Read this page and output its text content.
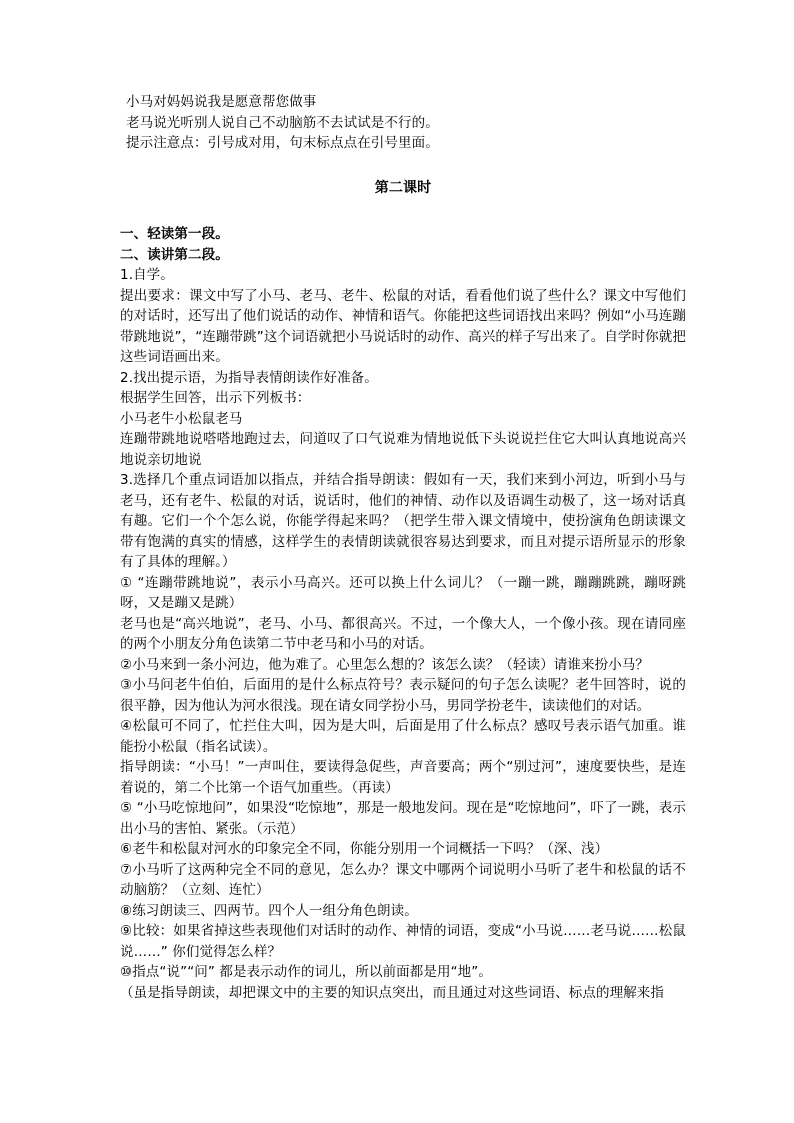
小马对妈妈说我是愿意帮您做事

老马说光听别人说自己不动脑筋不去试试是不行的。

提示注意点：引号成对用，句末标点点在引号里面。

第二课时

一、轻读第一段。

二、读讲第二段。

1.自学。

提出要求：课文中写了小马、老马、老牛、松鼠的对话，看看他们说了些什么？课文中写他们的对话时，还写出了他们说话的动作、神情和语气。你能把这些词语找出来吗？例如“小马连蹦带跳地说”，“连蹦带跳”这个词语就把小马说话时的动作、高兴的样子写出来了。自学时你就把这些词语画出来。

2.找出提示语，为指导表情朗读作好准备。

根据学生回答，出示下列板书：

小马老牛小松鼠老马

连蹦带跳地说嗒嗒地跑过去，问道叹了口气说难为情地说低下头说说拦住它大叫认真地说高兴地说亲切地说

3.选择几个重点词语加以指点，并结合指导朗读：假如有一天，我们来到小河边，听到小马与老马，还有老牛、松鼠的对话，说话时，他们的神情、动作以及语调生动极了，这一场对话真有趣。它们一个个怎么说，你能学得起来吗？（把学生带入课文情境中，使扮演角色朗读课文带有饱满的真实的情感，这样学生的表情朗读就很容易达到要求，而且对提示语所显示的形象有了具体的理解。）

① “连蹦带跳地说”，表示小马高兴。还可以换上什么词儿？（一蹦一跳，蹦蹦跳跳，蹦呀跳呀，又是蹦又是跳）

老马也是“高兴地说”，老马、小马、都很高兴。不过，一个像大人，一个像小孩。现在请同座的两个小朋友分角色读第二节中老马和小马的对话。

②小马来到一条小河边，他为难了。心里怎么想的？该怎么读？（轻读）请谁来扮小马？

③小马问老牛伯伯，后面用的是什么标点符号？表示疑问的句子怎么读呢？老牛回答时，说的很平静，因为他认为河水很浅。现在请女同学扮小马，男同学扮老牛，读读他们的对话。

④松鼠可不同了，忙拦住大叫，因为是大叫，后面是用了什么标点？感叹号表示语气加重。谁能扮小松鼠（指名试读）。

指导朗读：“小马！”一声叫住，要读得急促些，声音要高；两个“别过河”，速度要快些，是连着说的，第二个比第一个语气加重些。（再读）

⑤ “小马吃惊地问”，如果没“吃惊地”，那是一般地发问。现在是“吃惊地问”，吓了一跳，表示出小马的害怕、紧张。（示范）

⑥老牛和松鼠对河水的印象完全不同，你能分别用一个词概括一下吗？（深、浅）

⑦小马听了这两种完全不同的意见，怎么办？课文中哪两个词说明小马听了老牛和松鼠的话不动脑筋？（立刻、连忙）

⑧练习朗读三、四两节。四个人一组分角色朗读。

⑨比较：如果省掉这些表现他们对话时的动作、神情的词语，变成“小马说……老马说……松鼠说……” 你们觉得怎么样？

⑩指点“说”“问” 都是表示动作的词儿，所以前面都是用“地”。

（虽是指导朗读，却把课文中的主要的知识点突出，而且通过对这些词语、标点的理解来指
